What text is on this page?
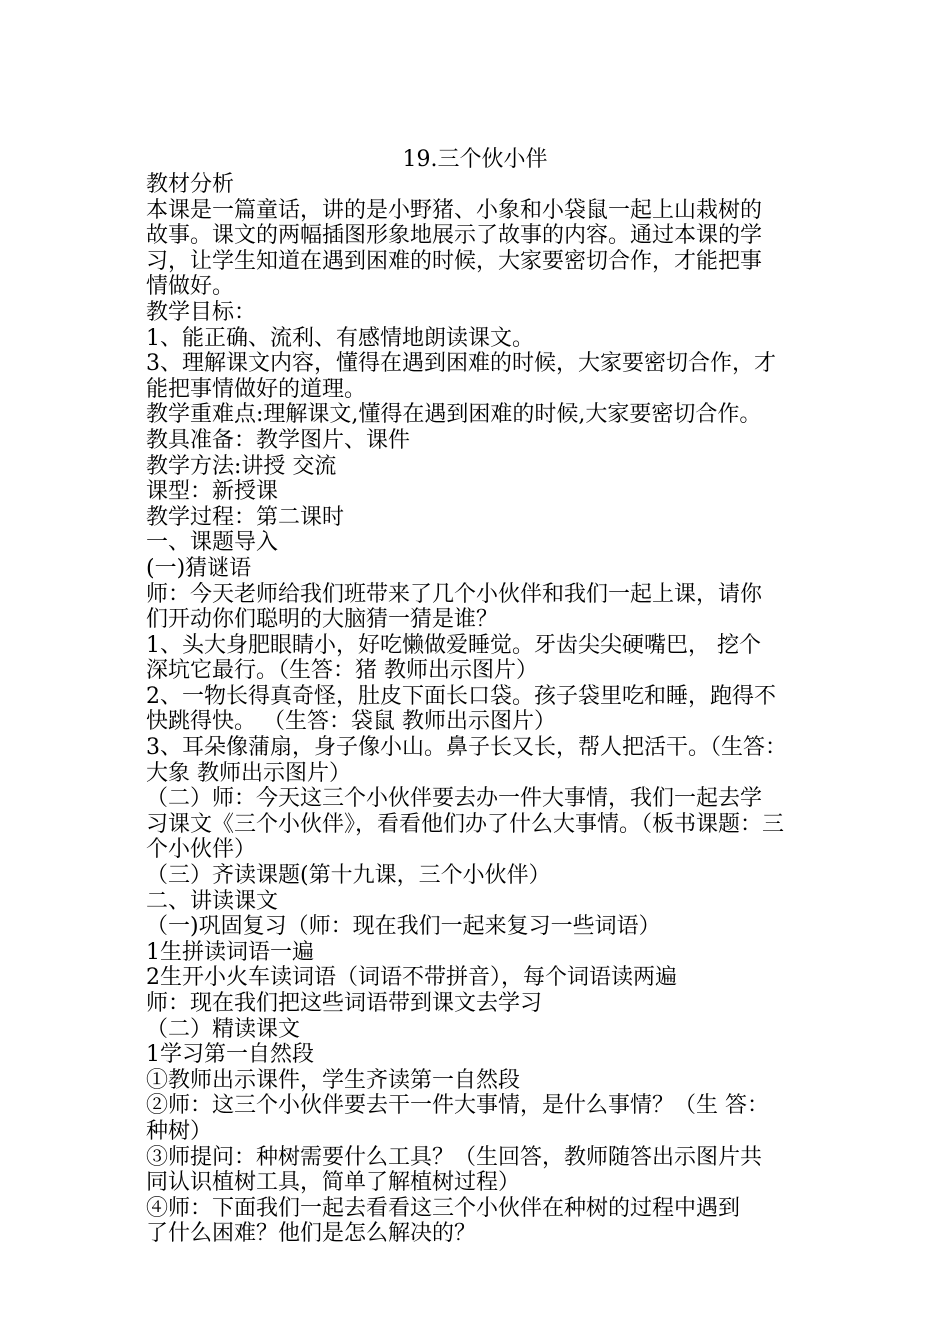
19.三个伙小伴
教材分析
本课是一篇童话，讲的是小野猪、小象和小袋鼠一起上山栽树的
故事。课文的两幅插图形象地展示了故事的内容。通过本课的学
习，让学生知道在遇到困难的时候，大家要密切合作，才能把事
情做好。
教学目标：
1、能正确、流利、有感情地朗读课文。
3、理解课文内容，懂得在遇到困难的时候，大家要密切合作，才
能把事情做好的道理。
教学重难点:理解课文,懂得在遇到困难的时候,大家要密切合作。
教具准备：教学图片、课件
教学方法:讲授 交流
课型：新授课
教学过程：第二课时
一、课题导入
(一)猜谜语
师：今天老师给我们班带来了几个小伙伴和我们一起上课，请你
们开动你们聪明的大脑猜一猜是谁？
1、头大身肥眼睛小，好吃懒做爱睡觉。牙齿尖尖硬嘴巴， 挖个
深坑它最行。（生答：猪 教师出示图片）
2、一物长得真奇怪，肚皮下面长口袋。孩子袋里吃和睡，跑得不
快跳得快。 （生答：袋鼠 教师出示图片）
3、耳朵像蒲扇，身子像小山。鼻子长又长，帮人把活干。（生答：
大象 教师出示图片）
（二）师：今天这三个小伙伴要去办一件大事情，我们一起去学
习课文《三个小伙伴》，看看他们办了什么大事情。（板书课题：三
个小伙伴）
（三）齐读课题(第十九课，三个小伙伴）
二、讲读课文
（一)巩固复习（师：现在我们一起来复习一些词语）
1生拼读词语一遍
2生开小火车读词语（词语不带拼音），每个词语读两遍
师：现在我们把这些词语带到课文去学习
（二）精读课文
1学习第一自然段
①教师出示课件，学生齐读第一自然段
②师：这三个小伙伴要去干一件大事情，是什么事情？（生 答：
种树）
③师提问：种树需要什么工具？（生回答，教师随答出示图片共
同认识植树工具，简单了解植树过程）
④师：下面我们一起去看看这三个小伙伴在种树的过程中遇到
了什么困难？他们是怎么解决的？
